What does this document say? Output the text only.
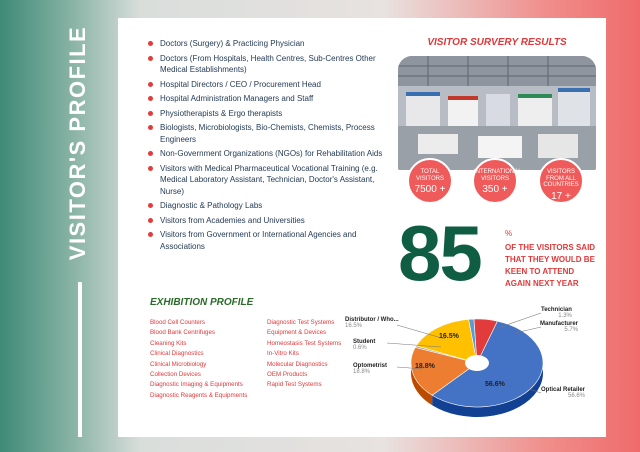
VISITOR'S PROFILE	Doctors (Surgery) & Practicing Physician
Doctors (From Hospitals, Health Centres, Sub-Centres Other Medical Establishments)
Hospital Directors / CEO / Procurement Head
Hospital Administration Managers and Staff
Physiotherapists & Ergo therapists
Biologists, Microbiologists, Bio-Chemists, Chemists, Process Engineers
Non-Government Organizations (NGOs) for Rehabilitation Aids
Visitors with Medical Pharmaceutical Vocational Training (e.g. Medical Laboratory Assistant, Technician, Doctor's Assistant, Nurse)
Diagnostic & Pathology Labs
Visitors from Academies and Universities
Visitors from Government or International Agencies and Associations
VISITOR SURVERY RESULTS
TOTAL VISITORS
7500 +
INTERNATIONAL VISITORS
350 +
VISITORS FROM ALL COUNTRIES
17 +
85	%
OF THE VISITORS SAID THAT THEY WOULD BE KEEN TO ATTEND AGAIN NEXT YEAR
EXHIBITION PROFILE
Blood Cell Counters
Blood Bank Centrifuges
Cleaning Kits
Clinical Diagnostics
Clinical Microbiology
Collection Devices
Diagnostic Imaging & Equipments
Diagnostic Reagents & Equipments
Diagnostic Test Systems
Equipment & Devices
Homeostasis Test Systems
In-Vitro Kits
Molecular Diagnostics
OEM Products
Rapid Test Systems
Distributor / Who...
16.5%
Student
0.6%
Optometrist
18.8%
Technician
1.3%
Manufacturer
5.7%
Optical Retailer
56.6%
56.6%
18.8%
16.5%
